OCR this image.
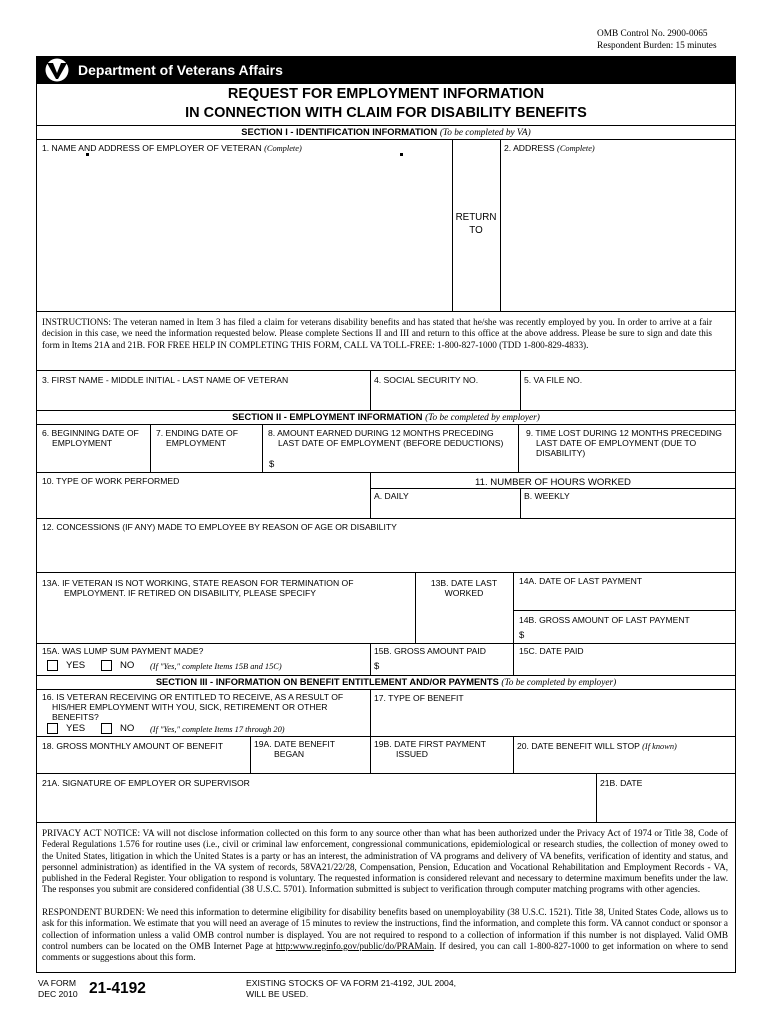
OMB Control No. 2900-0065
Respondent Burden: 15 minutes
Department of Veterans Affairs
REQUEST FOR EMPLOYMENT INFORMATION
IN CONNECTION WITH CLAIM FOR DISABILITY BENEFITS
SECTION I - IDENTIFICATION INFORMATION (To be completed by VA)
1. NAME AND ADDRESS OF EMPLOYER OF VETERAN (Complete)
RETURN
TO
2. ADDRESS (Complete)
INSTRUCTIONS: The veteran named in Item 3 has filed a claim for veterans disability benefits and has stated that he/she was recently employed by you. In order to arrive at a fair decision in this case, we need the information requested below. Please complete Sections II and III and return to this office at the above address. Please be sure to sign and date this form in Items 21A and 21B. FOR FREE HELP IN COMPLETING THIS FORM, CALL VA TOLL-FREE: 1-800-827-1000 (TDD 1-800-829-4833).
3. FIRST NAME - MIDDLE INITIAL - LAST NAME OF VETERAN	4. SOCIAL SECURITY NO.	5. VA FILE NO.
SECTION II - EMPLOYMENT INFORMATION (To be completed by employer)
6. BEGINNING DATE OF
EMPLOYMENT
7. ENDING DATE OF
EMPLOYMENT
8. AMOUNT EARNED DURING 12 MONTHS PRECEDING
LAST DATE OF EMPLOYMENT (BEFORE DEDUCTIONS)
$
9. TIME LOST DURING 12 MONTHS PRECEDING
LAST DATE OF EMPLOYMENT (DUE TO
DISABILITY)
10. TYPE OF WORK PERFORMED	11. NUMBER OF HOURS WORKED
A. DAILY	B. WEEKLY
12. CONCESSIONS (IF ANY) MADE TO EMPLOYEE BY REASON OF AGE OR DISABILITY
13A. IF VETERAN IS NOT WORKING, STATE REASON FOR TERMINATION OF
EMPLOYMENT. IF RETIRED ON DISABILITY, PLEASE SPECIFY
13B. DATE LAST
WORKED
14A. DATE OF LAST PAYMENT
14B. GROSS AMOUNT OF LAST PAYMENT
$
15A. WAS LUMP SUM PAYMENT MADE?
YES	NO (If "Yes," complete Items 15B and 15C)
15B. GROSS AMOUNT PAID
$
15C. DATE PAID
SECTION III - INFORMATION ON BENEFIT ENTITLEMENT AND/OR PAYMENTS (To be completed by employer)
16. IS VETERAN RECEIVING OR ENTITLED TO RECEIVE, AS A RESULT OF
HIS/HER EMPLOYMENT WITH YOU, SICK, RETIREMENT OR OTHER
BENEFITS?
YES	NO (If "Yes," complete Items 17 through 20)
17. TYPE OF BENEFIT
18. GROSS MONTHLY AMOUNT OF BENEFIT	19A. DATE BENEFIT
BEGAN
19B. DATE FIRST PAYMENT
ISSUED
20. DATE BENEFIT WILL STOP (If known)
21A. SIGNATURE OF EMPLOYER OR SUPERVISOR	21B. DATE
PRIVACY ACT NOTICE: VA will not disclose information collected on this form to any source other than what has been authorized under the Privacy Act of 1974 or Title 38, Code of Federal Regulations 1.576 for routine uses (i.e., civil or criminal law enforcement, congressional communications, epidemiological or research studies, the collection of money owed to the United States, litigation in which the United States is a party or has an interest, the administration of VA programs and delivery of VA benefits, verification of identity and status, and personnel administration) as identified in the VA system of records, 58VA21/22/28, Compensation, Pension, Education and Vocational Rehabilitation and Employment Records - VA, published in the Federal Register. Your obligation to respond is voluntary. The requested information is considered relevant and necessary to determine maximum benefits under the law. The responses you submit are considered confidential (38 U.S.C. 5701). Information submitted is subject to verification through computer matching programs with other agencies.
RESPONDENT BURDEN: We need this information to determine eligibility for disability benefits based on unemployability (38 U.S.C. 1521). Title 38, United States Code, allows us to ask for this information. We estimate that you will need an average of 15 minutes to review the instructions, find the information, and complete this form. VA cannot conduct or sponsor a collection of information unless a valid OMB control number is displayed. You are not required to respond to a collection of information if this number is not displayed. Valid OMB control numbers can be located on the OMB Internet Page at http:www.reginfo.gov/public/do/PRAMain. If desired, you can call 1-800-827-1000 to get information on where to send comments or suggestions about this form.
VA FORM
DEC 2010 21-4192	EXISTING STOCKS OF VA FORM 21-4192, JUL 2004,
WILL BE USED.
